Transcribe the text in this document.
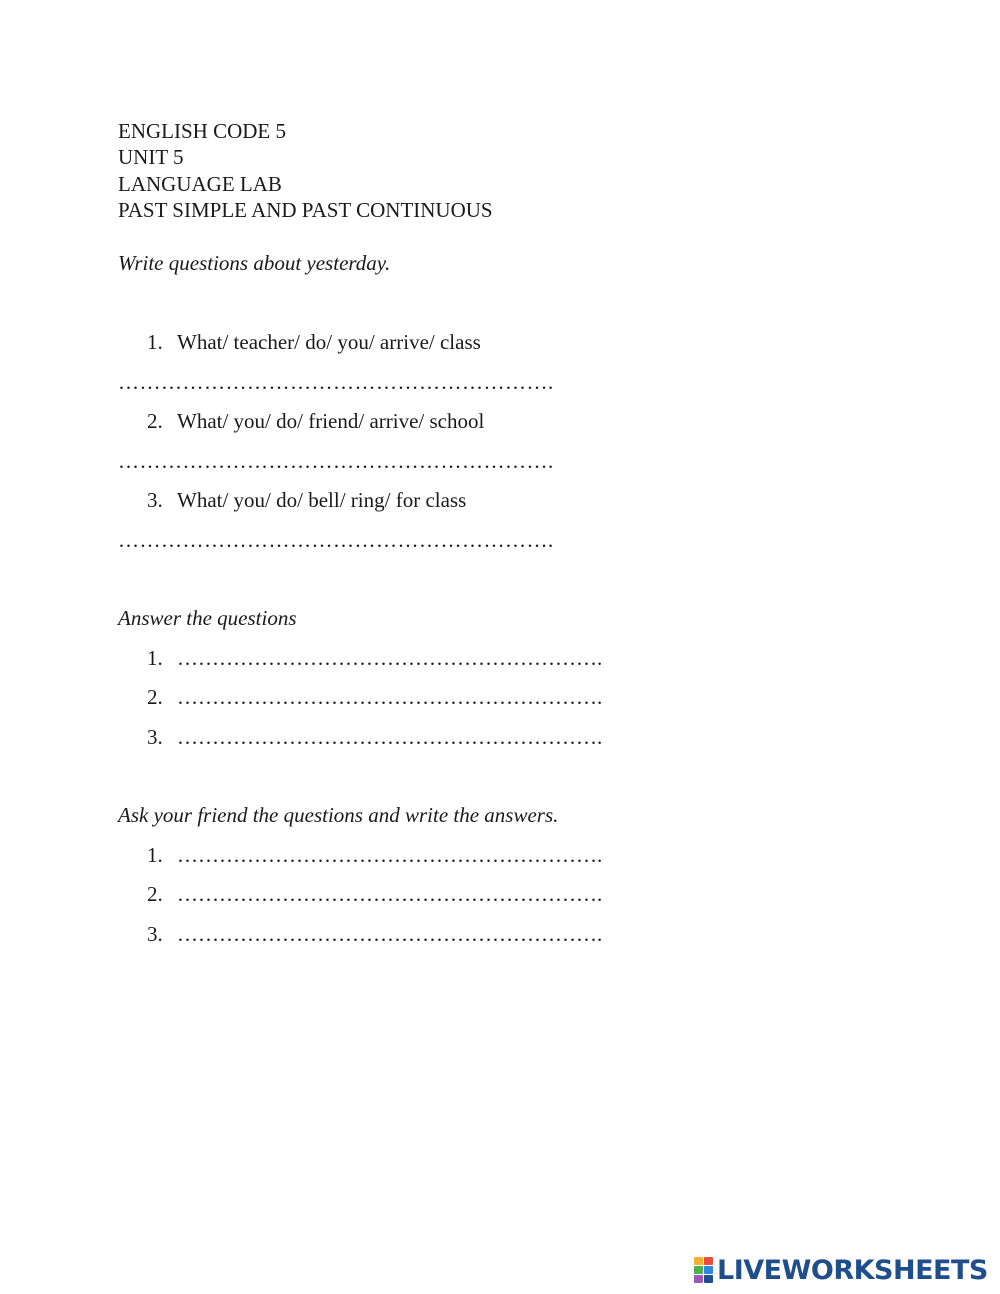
ENGLISH CODE 5
UNIT 5
LANGUAGE LAB
PAST SIMPLE AND PAST CONTINUOUS
Write questions about yesterday.
1. What/ teacher/ do/ you/ arrive/ class
…………………………………………………….
2. What/ you/ do/ friend/ arrive/ school
…………………………………………………….
3. What/ you/ do/ bell/ ring/ for class
…………………………………………………….
Answer the questions
1. …………………………………………………….
2. …………………………………………………….
3. …………………………………………………….
Ask your friend the questions and write the answers.
1. …………………………………………………….
2. …………………………………………………….
3. …………………………………………………….
LIVEWORKSHEETS
